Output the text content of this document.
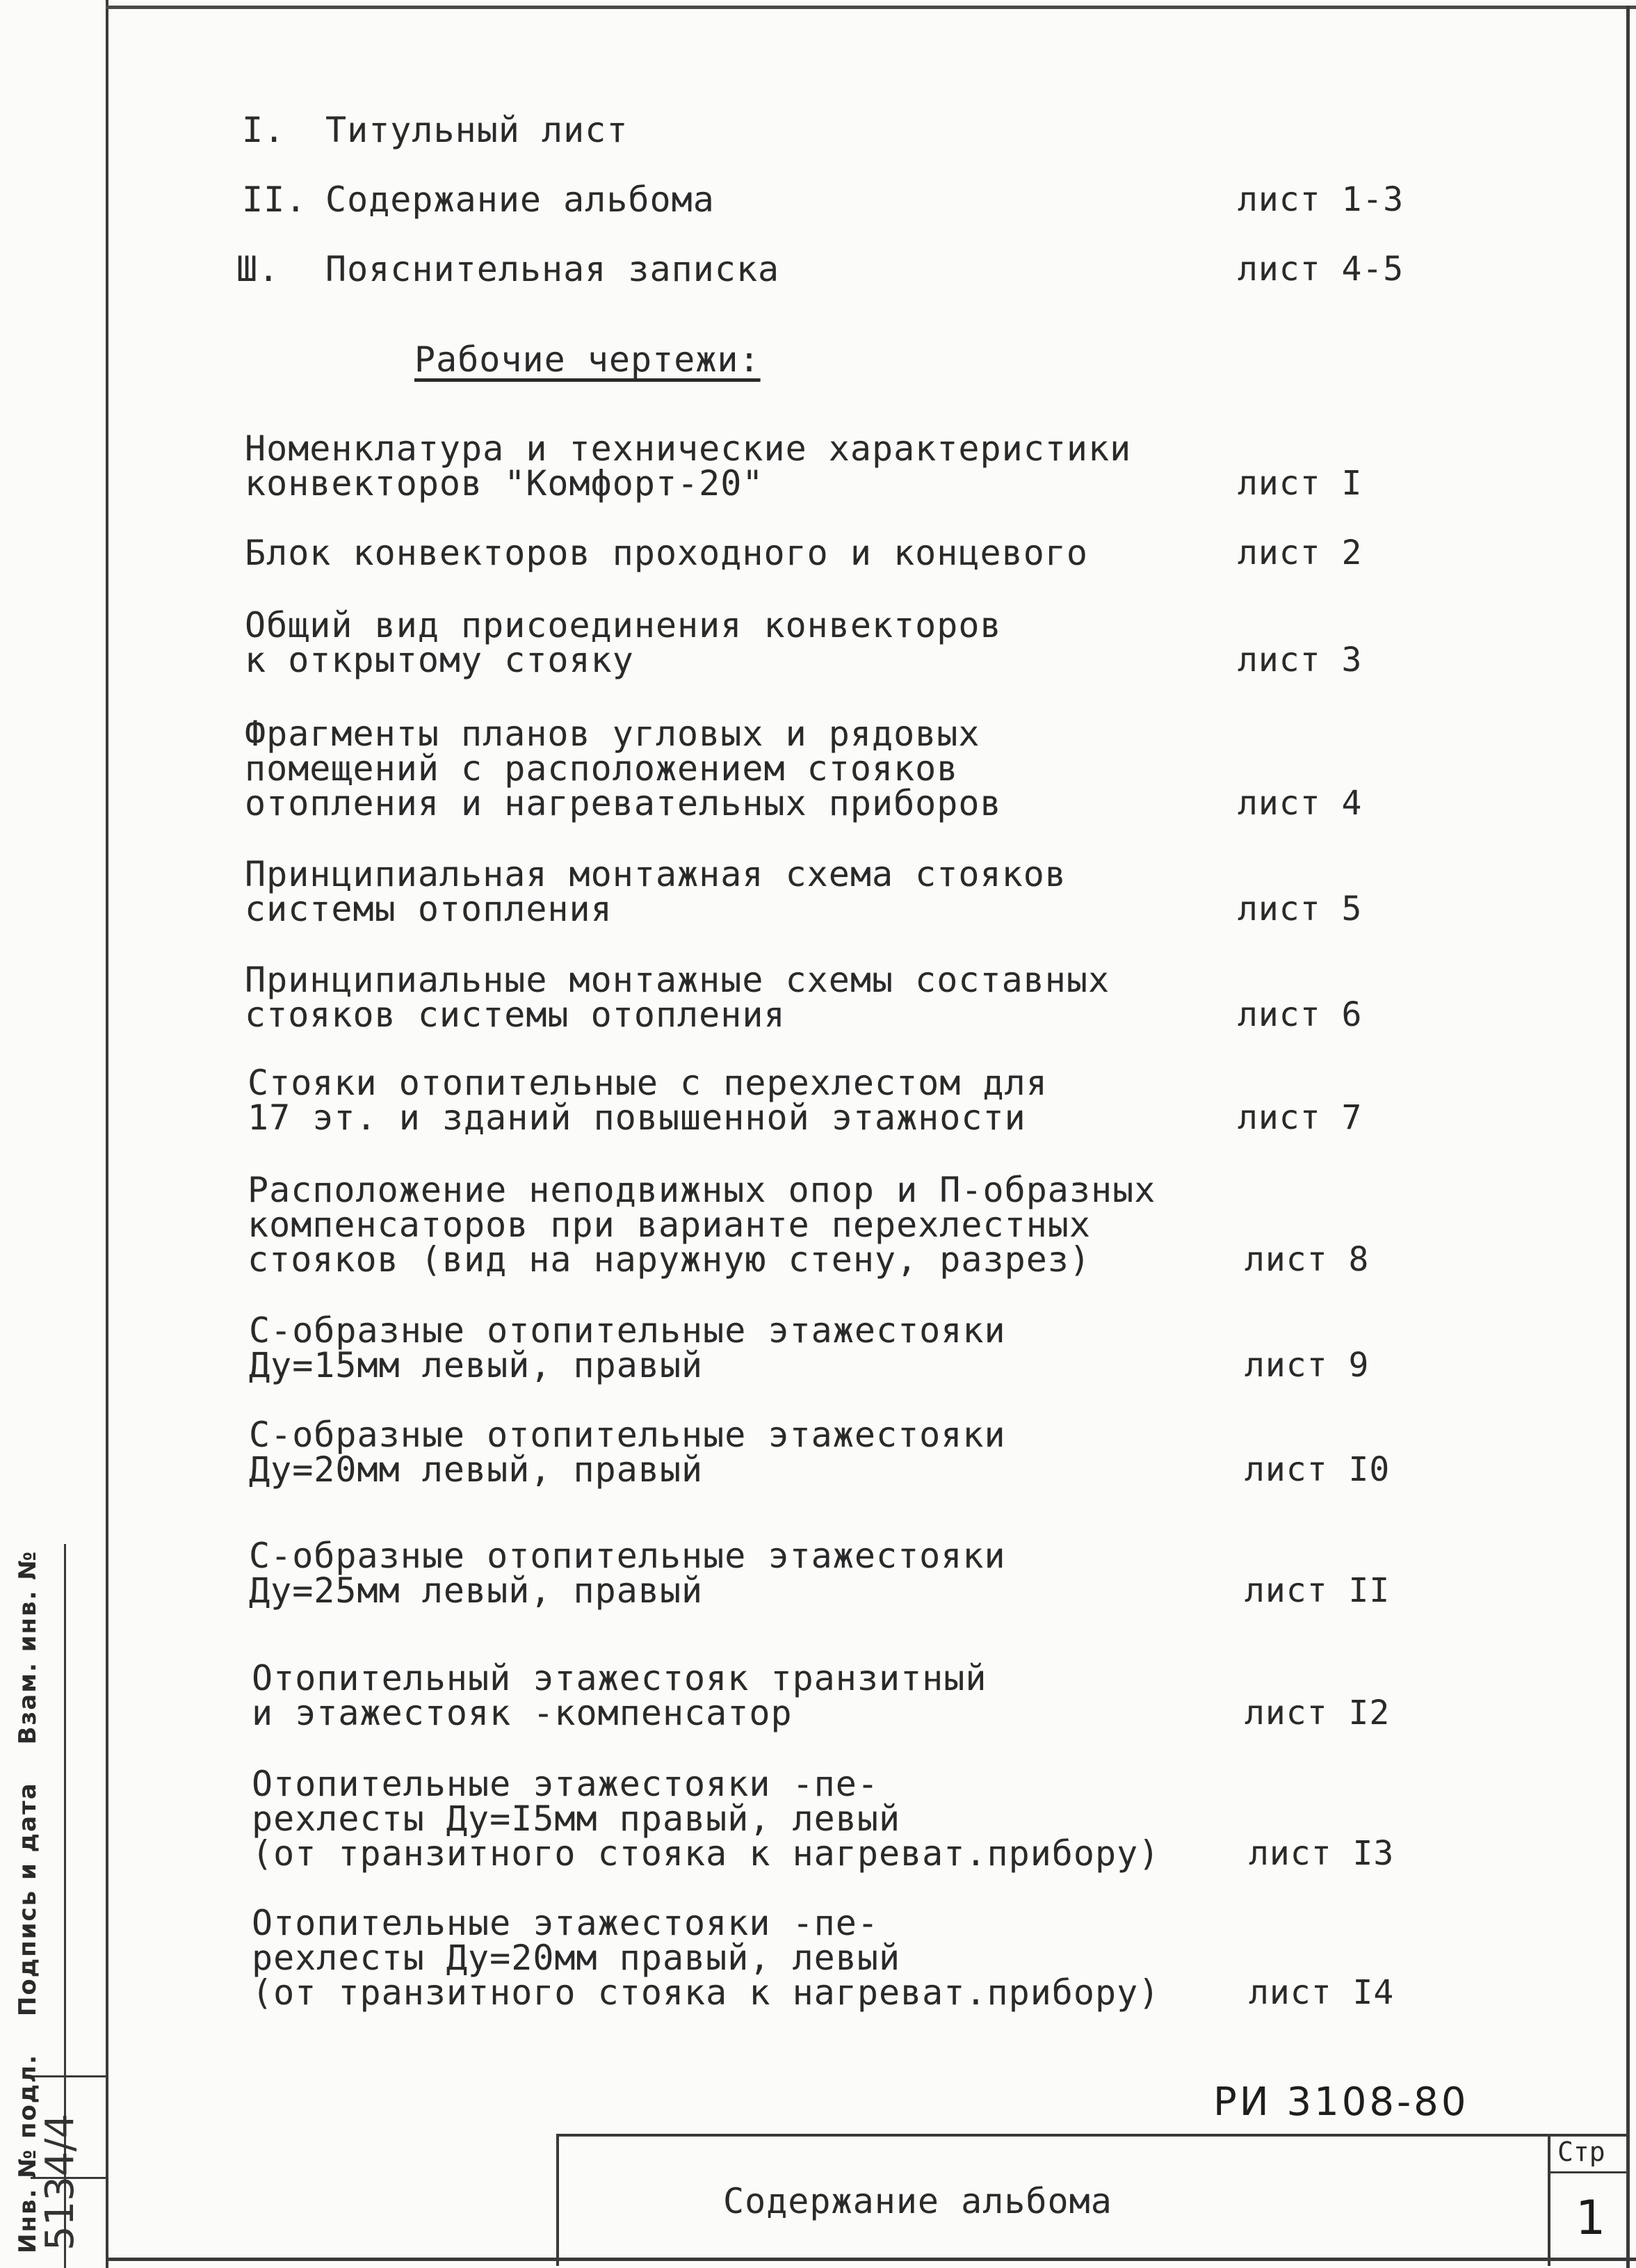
Инв. № подл. Подпись и дата Взам. инв. №
5134/4
I. Титульный лист
II. Содержание альбома	лист 1-3
Ш. Пояснительная записка	лист 4-5
Рабочие чертежи:
Номенклатура и технические характеристики
конвекторов "Комфорт-20"	лист I
Блок конвекторов проходного и концевого	лист 2
Общий вид присоединения конвекторов
к открытому стояку	лист 3
Фрагменты планов угловых и рядовых
помещений с расположением стояков
отопления и нагревательных приборов	лист 4
Принципиальная монтажная схема стояков
системы отопления	лист 5
Принципиальные монтажные схемы составных
стояков системы отопления	лист 6
Стояки отопительные с перехлестом для
17 эт. и зданий повышенной этажности	лист 7
Расположение неподвижных опор и П-образных
компенсаторов при варианте перехлестных
стояков (вид на наружную стену, разрез)	лист 8
С-образные отопительные этажестояки
Ду=15мм левый, правый	лист 9
С-образные отопительные этажестояки
Ду=20мм левый, правый	лист I0
С-образные отопительные этажестояки
Ду=25мм левый, правый	лист II
Отопительный этажестояк транзитный
и этажестояк -компенсатор	лист I2
Отопительные этажестояки -пе-
рехлесты Ду=I5мм правый, левый
(от транзитного стояка к нагреват.прибору)	лист I3
Отопительные этажестояки -пе-
рехлесты Ду=20мм правый, левый
(от транзитного стояка к нагреват.прибору)	лист I4
РИ 3108-80
Содержание альбома
Стр
1
